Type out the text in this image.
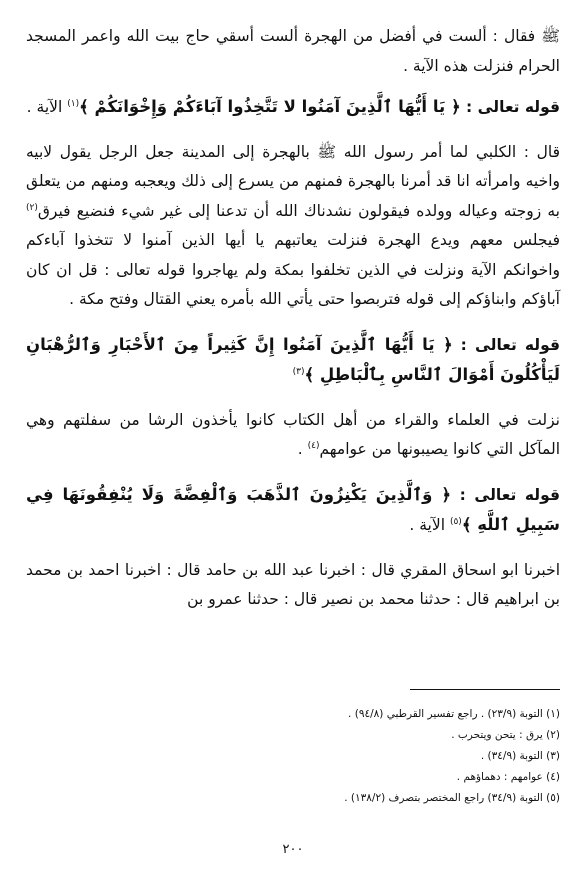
ﷺ فقال : ألست في أفضل من الهجرة ألست أسقي حاج بيت الله واعمر المسجد الحرام فنزلت هذه الآية .

قوله تعالى : ﴿ يَا أَيُّهَا ٱلَّذِينَ آمَنُوا لا تَتَّخِذُوا آبَاءَكُمْ وَإِخْوَانَكُمْ ﴾$^{(١)}$ الآية .

قال : الكلبي لما أمر رسول الله ﷺ بالهجرة إلى المدينة جعل الرجل يقول لابيه واخيه وامرأته انا قد أمرنا بالهجرة فمنهم من يسرع إلى ذلك ويعجبه ومنهم من يتعلق به زوجته وعياله وولده فيقولون نشدناك الله أن تدعنا إلى غير شيء فنضيع فيرق$^{(٢)}$ فيجلس معهم ويدع الهجرة فنزلت يعاتبهم يا أيها الذين آمنوا لا تتخذوا آباءكم واخوانكم الآية ونزلت في الذين تخلفوا بمكة ولم يهاجروا قوله تعالى : قل ان كان آباؤكم وابناؤكم إلى قوله فتربصوا حتى يأتي الله بأمره يعني القتال وفتح مكة .

قوله تعالى : ﴿ يَا أَيُّهَا ٱلَّذِينَ آمَنُوا إِنَّ كَثِيراً مِنَ ٱلأَحْبَارِ وَٱلرُّهْبَانِ لَيَأْكُلُونَ أَمْوَالَ ٱلنَّاسِ بِٱلْبَاطِلِ ﴾$^{(٣)}$

نزلت في العلماء والقراء من أهل الكتاب كانوا يأخذون الرشا من سفلتهم وهي المآكل التي كانوا يصيبونها من عوامهم$^{(٤)}$ .

قوله تعالى : ﴿ وَٱلَّذِينَ يَكْنِزُونَ ٱلذَّهَبَ وَٱلْفِضَّةَ وَلَا يُنْفِقُونَهَا فِي سَبِيلِ ٱللَّهِ ﴾$^{(٥)}$ الآية .

اخبرنا ابو اسحاق المقري قال : اخبرنا عبد الله بن حامد قال : اخبرنا احمد بن محمد بن ابراهيم قال : حدثنا محمد بن نصير قال : حدثنا عمرو بن

(١) التوبة (٢٣/٩) . راجع تفسير القرطبي (٩٤/٨) .
(٢) يرق : يتحن ويتحرب .
(٣) التوبة (٣٤/٩) .
(٤) عوامهم : دهماؤهم .
(٥) التوبة (٣٤/٩) راجع المختصر بتصرف (١٣٨/٢) .
٢٠٠
